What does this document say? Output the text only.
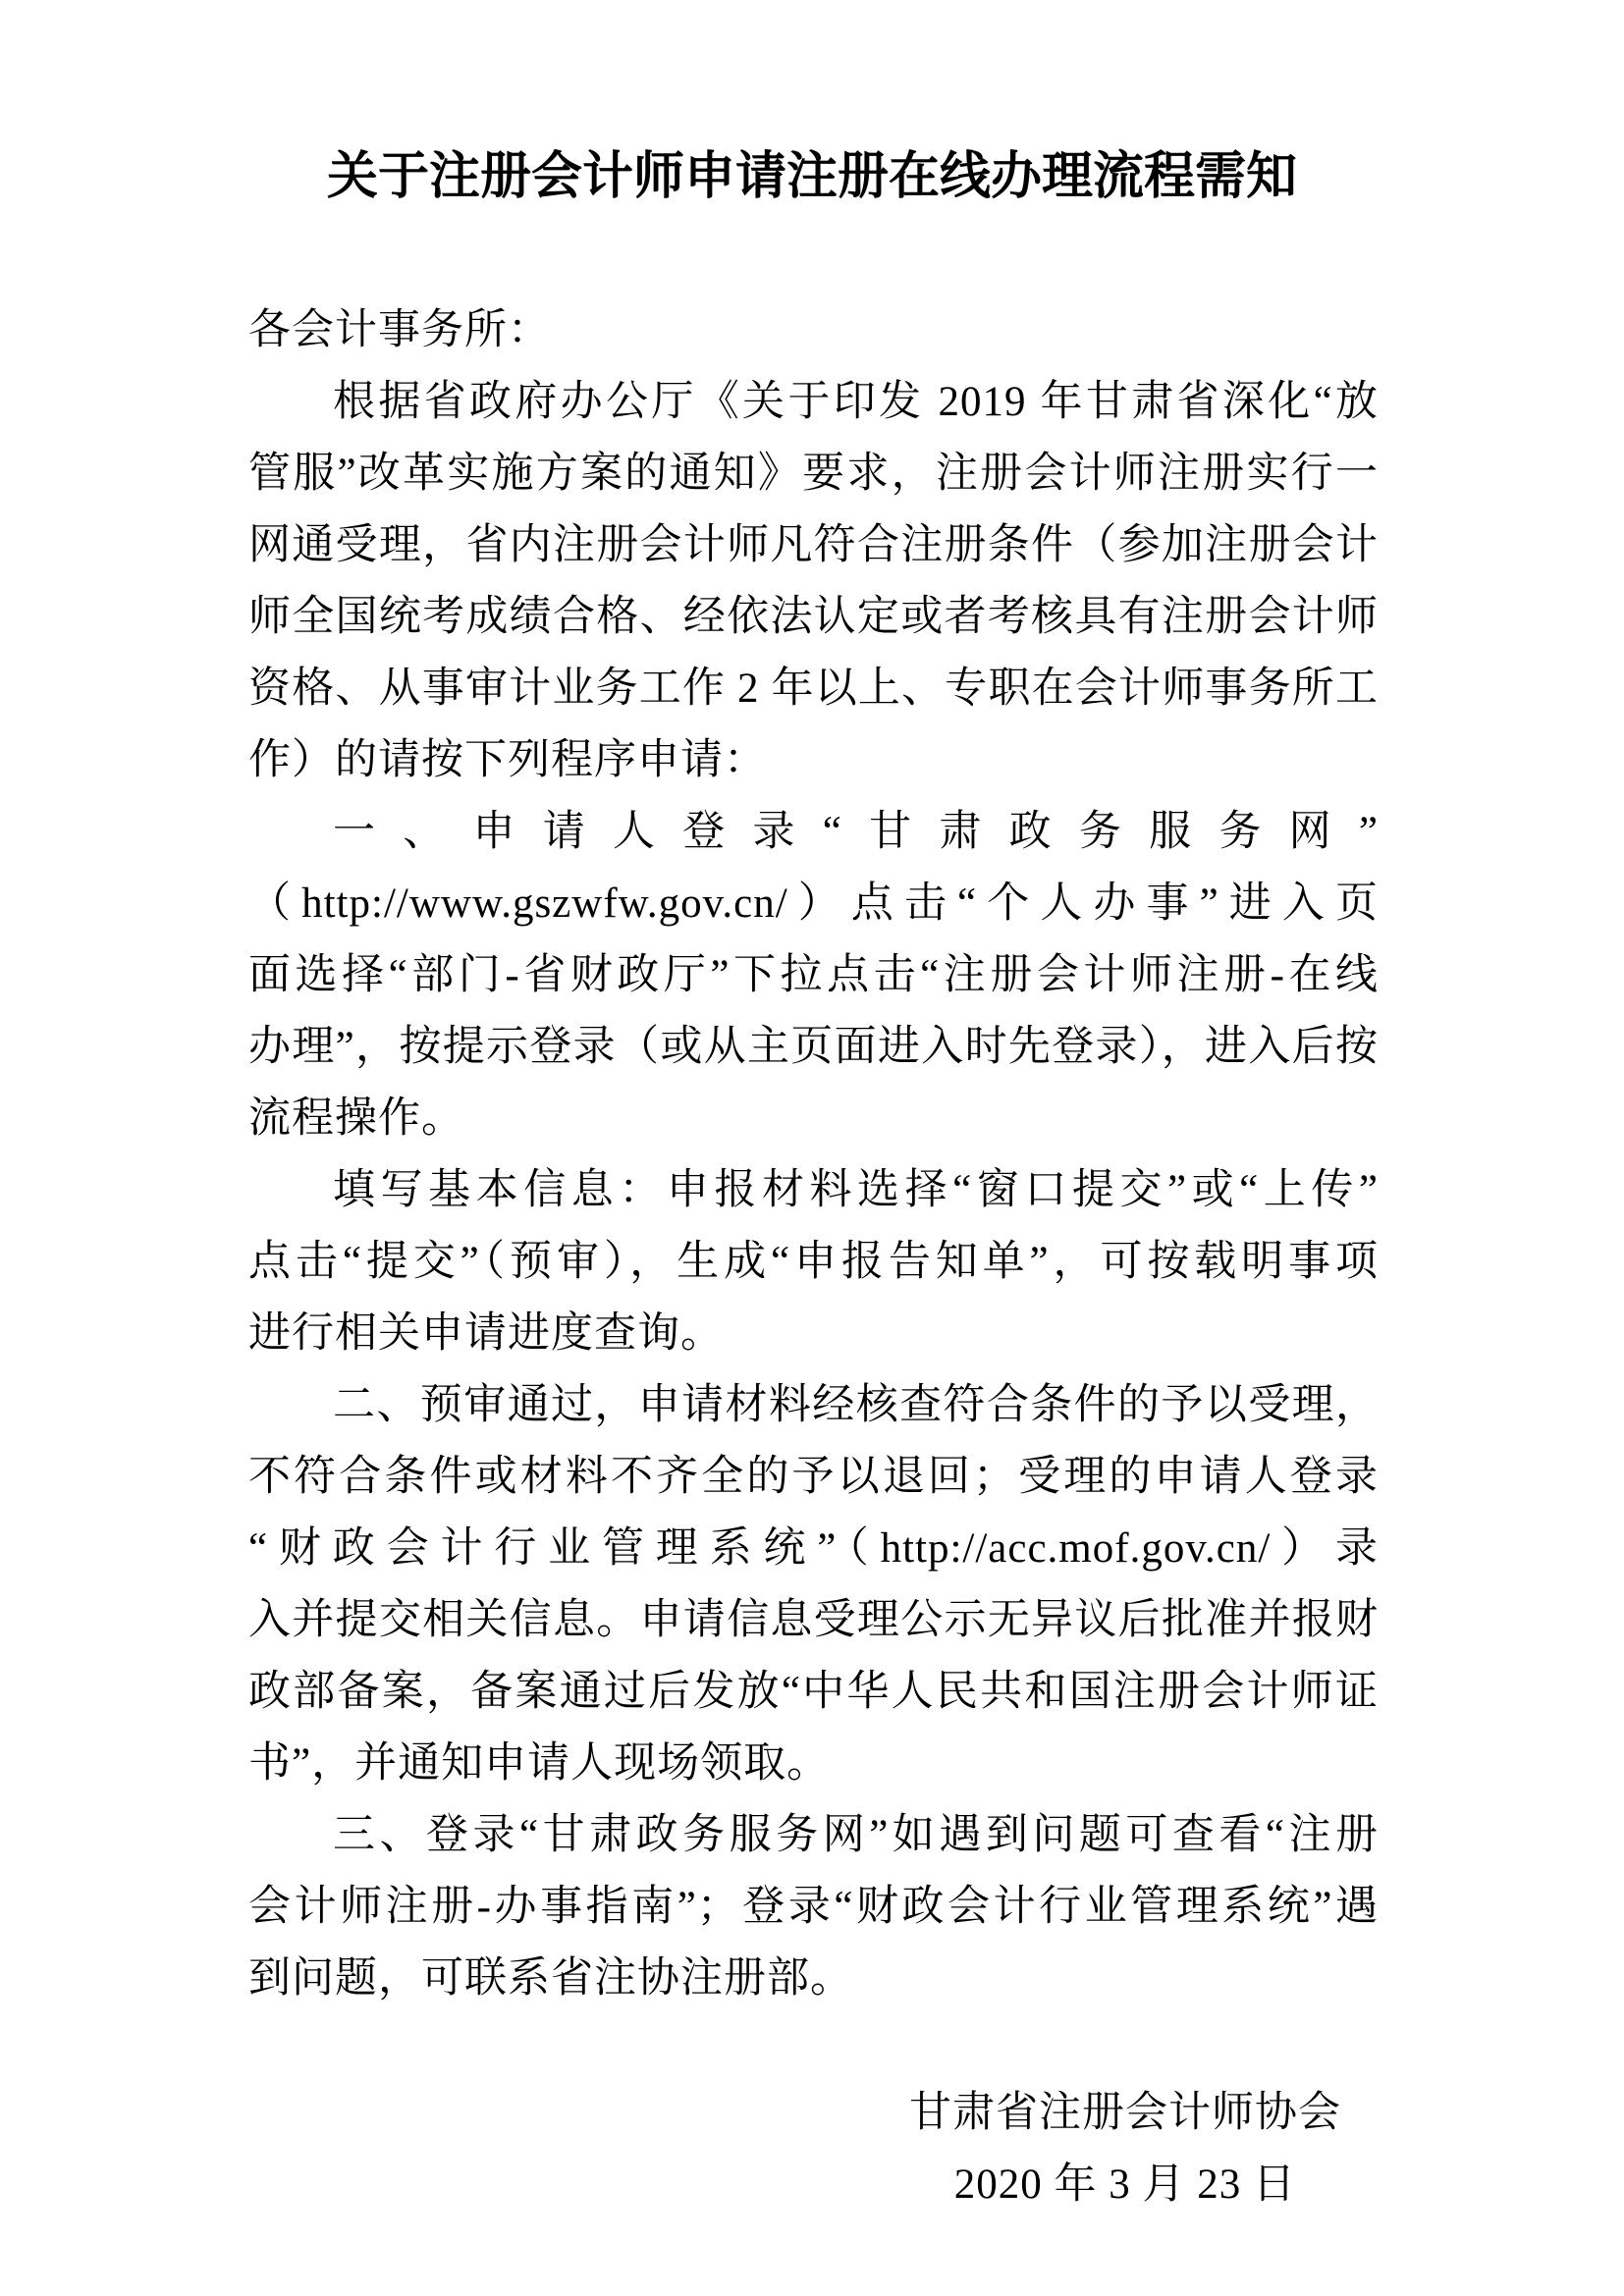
关于注册会计师申请注册在线办理流程需知
各会计事务所：
根据省政府办公厅《关于印发 2019 年甘肃省深化“放
管服”改革实施方案的通知》要求，注册会计师注册实行一
网通受理，省内注册会计师凡符合注册条件（参加注册会计
师全国统考成绩合格、经依法认定或者考核具有注册会计师
资格、从事审计业务工作 2 年以上、专职在会计师事务所工
作）的请按下列程序申请：
一、申请人登录“甘肃政务服务网”
（http://www.gszwfw.gov.cn/）点击“个人办事”进入页
面选择“部门-省财政厅”下拉点击“注册会计师注册-在线
办理”，按提示登录（或从主页面进入时先登录），进入后按
流程操作。
填写基本信息：申报材料选择“窗口提交”或“上传”
点击“提交”（预审），生成“申报告知单”，可按载明事项
进行相关申请进度查询。
二、预审通过，申请材料经核查符合条件的予以受理，
不符合条件或材料不齐全的予以退回；受理的申请人登录
“财政会计行业管理系统”（http://acc.mof.gov.cn/）录
入并提交相关信息。申请信息受理公示无异议后批准并报财
政部备案，备案通过后发放“中华人民共和国注册会计师证
书”，并通知申请人现场领取。
三、登录“甘肃政务服务网”如遇到问题可查看“注册
会计师注册-办事指南”；登录“财政会计行业管理系统”遇
到问题，可联系省注协注册部。
甘肃省注册会计师协会
2020 年 3 月 23 日
